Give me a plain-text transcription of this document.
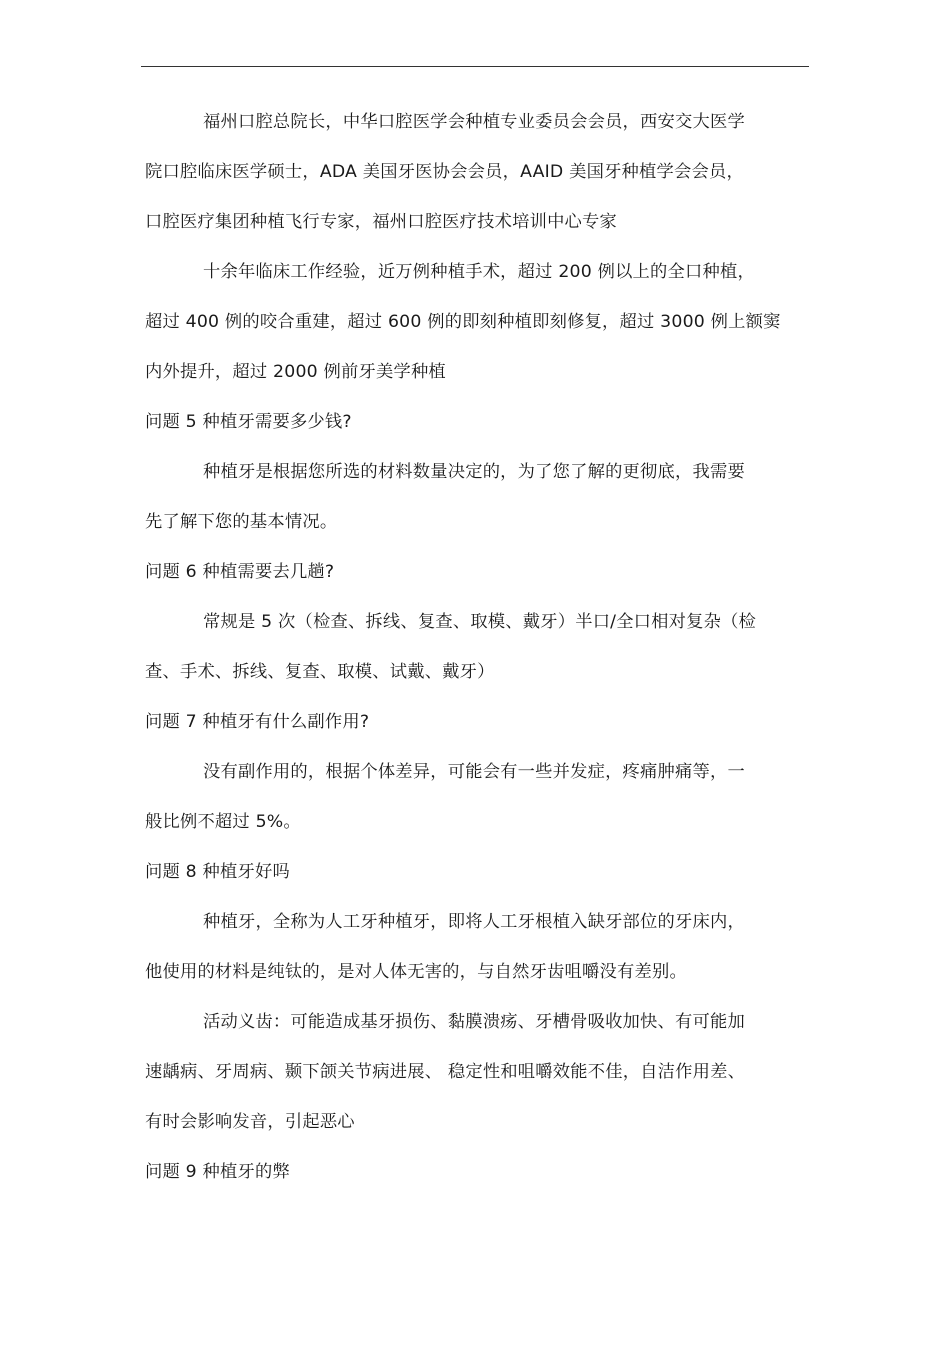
福州口腔总院长，中华口腔医学会种植专业委员会会员，西安交大医学
院口腔临床医学硕士，ADA 美国牙医协会会员，AAID 美国牙种植学会会员，
口腔医疗集团种植飞行专家，福州口腔医疗技术培训中心专家
十余年临床工作经验，近万例种植手术，超过 200 例以上的全口种植，
超过 400 例的咬合重建，超过 600 例的即刻种植即刻修复，超过 3000 例上额窦
内外提升，超过 2000 例前牙美学种植
问题 5 种植牙需要多少钱?
种植牙是根据您所选的材料数量决定的，为了您了解的更彻底，我需要
先了解下您的基本情况。
问题 6 种植需要去几趟?
常规是 5 次（检查、拆线、复查、取模、戴牙）半口/全口相对复杂（检
查、手术、拆线、复查、取模、试戴、戴牙）
问题 7 种植牙有什么副作用?
没有副作用的，根据个体差异，可能会有一些并发症，疼痛肿痛等，一
般比例不超过 5%。
问题 8 种植牙好吗
种植牙，全称为人工牙种植牙，即将人工牙根植入缺牙部位的牙床内，
他使用的材料是纯钛的，是对人体无害的，与自然牙齿咀嚼没有差别。
活动义齿：可能造成基牙损伤、黏膜溃疡、牙槽骨吸收加快、有可能加
速龋病、牙周病、颞下颌关节病进展、 稳定性和咀嚼效能不佳，自洁作用差、
有时会影响发音，引起恶心
问题 9 种植牙的弊
